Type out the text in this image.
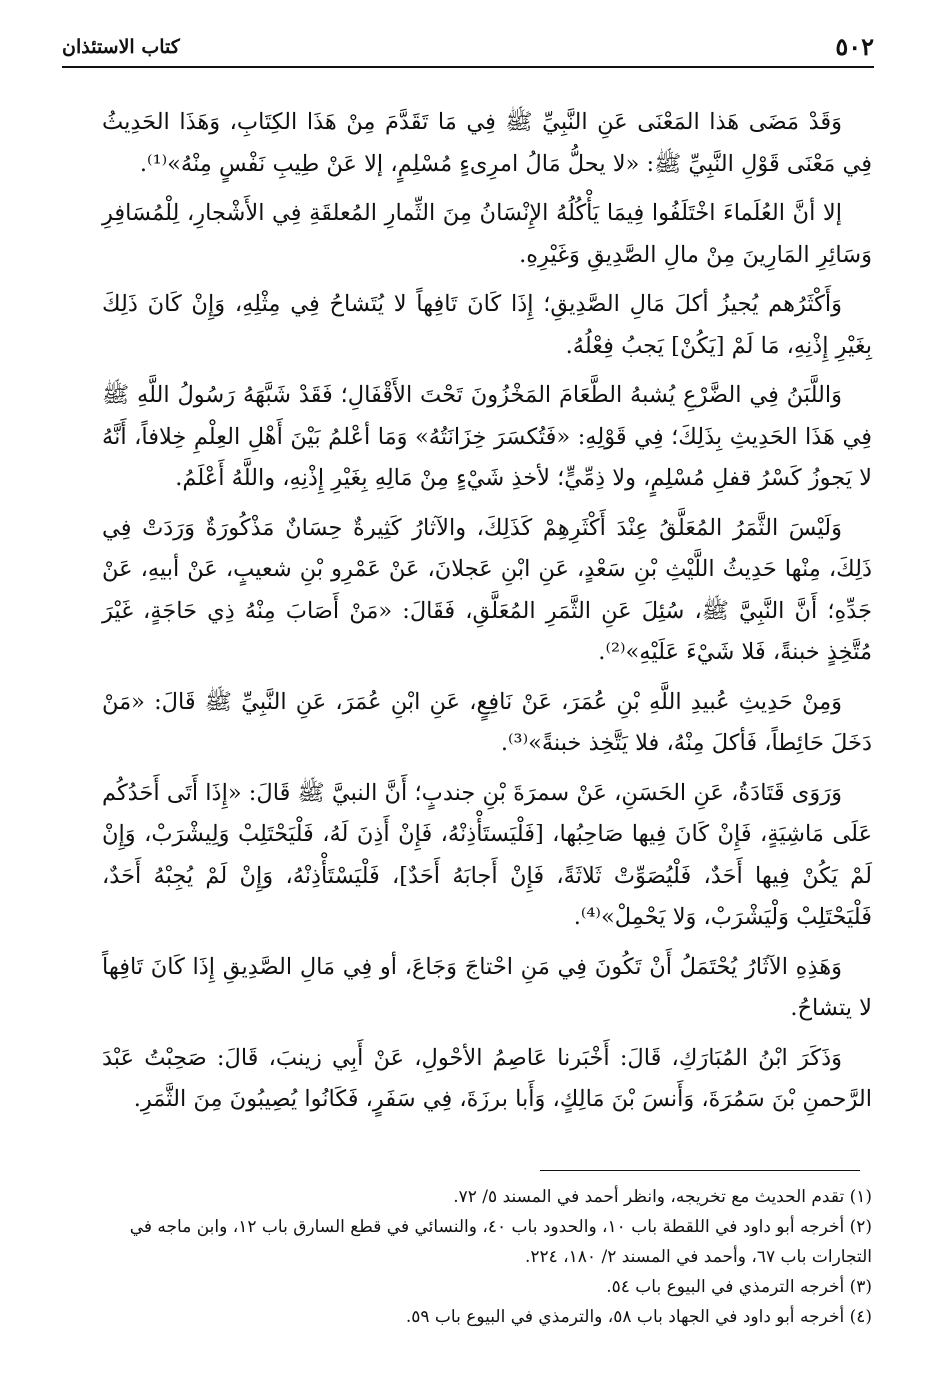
٥٠٢
كتاب الاستئذان

وَقَدْ مَضَى هَذا المَعْنَى عَنِ النَّبِيِّ ﷺ فِي مَا تَقَدَّمَ مِنْ هَذَا الكِتَابِ، وَهَذَا الحَدِيثُ فِي مَعْنَى قَوْلِ النَّبِيِّ ﷺ: «لا يحلُّ مَالُ امرِىءٍ مُسْلِمٍ، إلا عَنْ طِيبِ نَفْسٍ مِنْهُ»⁽¹⁾.

إلا أنَّ العُلَماءَ اخْتَلَفُوا فِيمَا يَأْكُلُهُ الإِنْسَانُ مِنَ الثِّمارِ المُعلقَةِ فِي الأَشْجارِ، لِلْمُسَافِرِ وَسَائِرِ المَارِينَ مِنْ مالِ الصَّدِيقِ وَغَيْرِهِ.

وَأَكْثَرُهم يُجيزُ أكلَ مَالِ الصَّدِيقِ؛ إِذَا كَانَ تَافِهاً لا يُتَشاحُ فِي مِثْلِهِ، وَإِنْ كَانَ ذَلِكَ بِغَيْرِ إِذْنِهِ، مَا لَمْ [يَكُنْ] يَجبُ فِعْلُهُ.

وَاللَّبَنُ فِي الضَّرْعِ يُشبهُ الطَّعَامَ المَخْزُونَ تَحْتَ الأَقْفَالِ؛ فَقَدْ شَبَّهَهُ رَسُولُ اللَّهِ ﷺ فِي هَذَا الحَدِيثِ بِذَلِكَ؛ فِي قَوْلِهِ: «فَتُكسَرَ خِزَانَتُهُ» وَمَا أعْلمُ بَيْنَ أَهْلِ العِلْمِ خِلافاً، أَنَّهُ لا يَجوزُ كَسْرُ قفلِ مُسْلِمٍ، ولا ذِمِّيٍّ؛ لأخذِ شَيْءٍ مِنْ مَالِهِ بِغَيْرِ إِذْنِهِ، واللَّهُ أَعْلَمُ.

وَلَيْسَ الثَّمَرُ المُعَلَّقُ عِنْدَ أَكْثَرِهِمْ كَذَلِكَ، والآثارُ كَثِيرةٌ حِسَانٌ مَذْكُورَةٌ وَرَدَتْ فِي ذَلِكَ، مِنْها حَدِيثُ اللَّيْثِ بْنِ سَعْدٍ، عَنِ ابْنِ عَجلانَ، عَنْ عَمْرِو بْنِ شعيبٍ، عَنْ أبيهِ، عَنْ جَدِّهِ؛ أَنَّ النَّبِيَّ ﷺ، سُئِلَ عَنِ الثَّمَرِ المُعَلَّقِ، فَقَالَ: «مَنْ أَصَابَ مِنْهُ ذِي حَاجَةٍ، غَيْرَ مُتَّخِذٍ خبنةً، فَلا شَيْءَ عَلَيْهِ»⁽²⁾.

وَمِنْ حَدِيثِ عُبيدِ اللَّهِ بْنِ عُمَرَ، عَنْ نَافِعٍ، عَنِ ابْنِ عُمَرَ، عَنِ النَّبِيِّ ﷺ قَالَ: «مَنْ دَخَلَ حَائِطاً، فَأكلَ مِنْهُ، فلا يَتَّخِذ خبنةً»⁽³⁾.

وَرَوَى قَتَادَةُ، عَنِ الحَسَنِ، عَنْ سمرَةَ بْنِ جندبٍ؛ أَنَّ النبيَّ ﷺ قَالَ: «إِذَا أَتَى أَحَدُكُم عَلَى مَاشِيَةٍ، فَإِنْ كَانَ فِيها صَاحِبُها، [فَلْيَستَأْذِنْهُ، فَإِنْ أَذِنَ لَهُ، فَلْيَحْتَلِبْ وَلِيشْرَبْ، وَإِنْ لَمْ يَكُنْ فِيها أَحَدٌ، فَلْيُصَوِّتْ ثَلاثَةً، فَإِنْ أَجابَهُ أَحَدٌ]، فَلْيَسْتَأْذِنْهُ، وَإِنْ لَمْ يُجِبْهُ أَحَدٌ، فَلْيَحْتَلِبْ وَلْيَشْرَبْ، وَلا يَحْمِلْ»⁽⁴⁾.

وَهَذِهِ الآثَارُ يُحْتَمَلُ أَنْ تَكُونَ فِي مَنِ احْتاجَ وَجَاعَ، أو فِي مَالِ الصَّدِيقِ إِذَا كَانَ تَافِهاً لا يتشاحُ.

وَذَكَرَ ابْنُ المُبَارَكِ، قَالَ: أَخْبَرنا عَاصِمُ الأحْولِ، عَنْ أَبِي زينبَ، قَالَ: صَحِبْتُ عَبْدَ الرَّحمنِ بْنَ سَمُرَةَ، وَأَنسَ بْنَ مَالِكٍ، وَأَبا برزَةَ، فِي سَفَرٍ، فَكَانُوا يُصِيبُونَ مِنَ الثَّمَرِ.

(١) تقدم الحديث مع تخريجه، وانظر أحمد في المسند ٥/ ٧٢.

(٢) أخرجه أبو داود في اللقطة باب ١٠، والحدود باب ٤٠، والنسائي في قطع السارق باب ١٢، وابن ماجه في التجارات باب ٦٧، وأحمد في المسند ٢/ ١٨٠، ٢٢٤.

(٣) أخرجه الترمذي في البيوع باب ٥٤.

(٤) أخرجه أبو داود في الجهاد باب ٥٨، والترمذي في البيوع باب ٥٩.
